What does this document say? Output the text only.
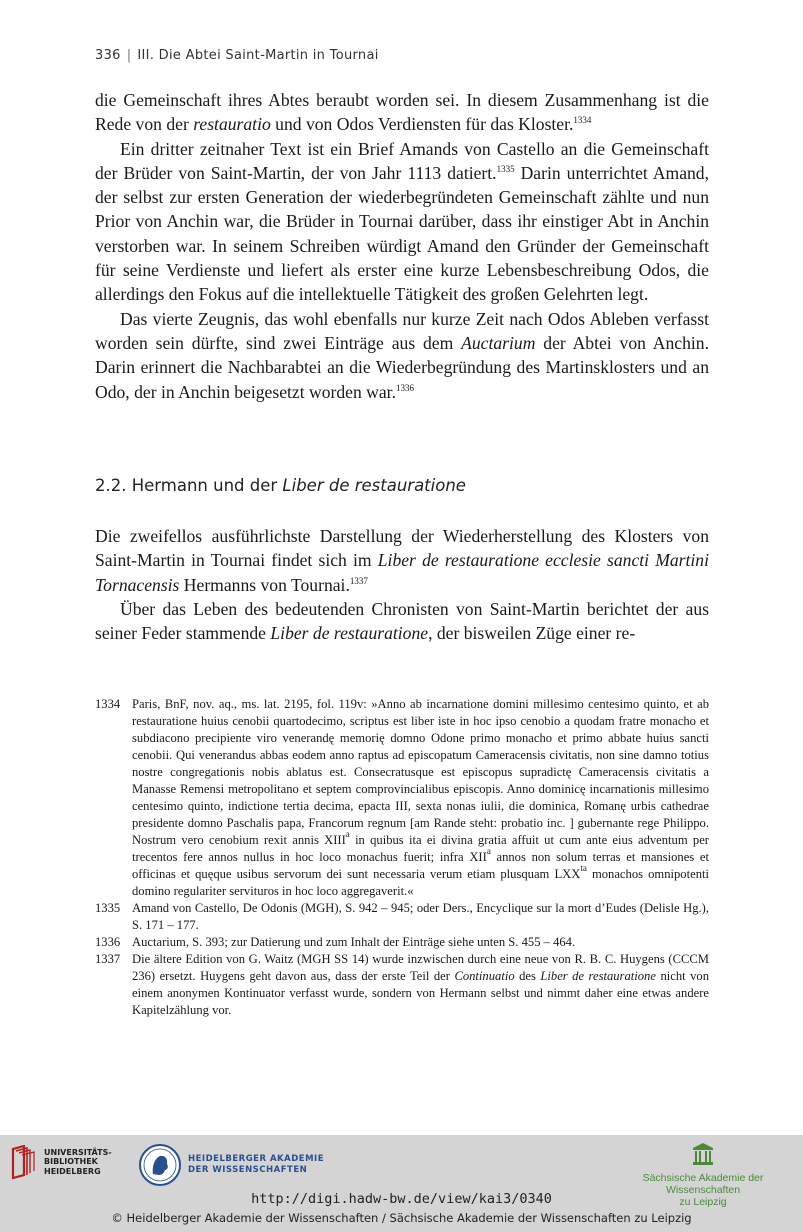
336 | III. Die Abtei Saint-Martin in Tournai

die Gemeinschaft ihres Abtes beraubt worden sei. In diesem Zusammenhang ist die Rede von der restauratio und von Odos Verdiensten für das Kloster.$^{1334}$

Ein dritter zeitnaher Text ist ein Brief Amands von Castello an die Gemeinschaft der Brüder von Saint-Martin, der von Jahr 1113 datiert.$^{1335}$ Darin unterrichtet Amand, der selbst zur ersten Generation der wiederbegründeten Gemeinschaft zählte und nun Prior von Anchin war, die Brüder in Tournai darüber, dass ihr einstiger Abt in Anchin verstorben war. In seinem Schreiben würdigt Amand den Gründer der Gemeinschaft für seine Verdienste und liefert als erster eine kurze Lebensbeschreibung Odos, die allerdings den Fokus auf die intellektuelle Tätigkeit des großen Gelehrten legt.

Das vierte Zeugnis, das wohl ebenfalls nur kurze Zeit nach Odos Ableben verfasst worden sein dürfte, sind zwei Einträge aus dem Auctarium der Abtei von Anchin. Darin erinnert die Nachbarabtei an die Wiederbegründung des Martinsklosters und an Odo, der in Anchin beigesetzt worden war.$^{1336}$

2.2. Hermann und der Liber de restauratione

Die zweifellos ausführlichste Darstellung der Wiederherstellung des Klosters von Saint-Martin in Tournai findet sich im Liber de restauratione ecclesie sancti Martini Tornacensis Hermanns von Tournai.$^{1337}$

Über das Leben des bedeutenden Chronisten von Saint-Martin berichtet der aus seiner Feder stammende Liber de restauratione, der bisweilen Züge einer re-

1334 Paris, BnF, nov. aq., ms. lat. 2195, fol. 119v: »Anno ab incarnatione domini millesimo centesimo quinto, et ab restauratione huius cenobii quartodecimo, scriptus est liber iste in hoc ipso cenobio a quodam fratre monacho et subdiacono precipiente viro venerandę memorię domno Odone primo monacho et primo abbate huius sancti cenobii. Qui venerandus abbas eodem anno raptus ad episcopatum Cameracensis civitatis, non sine damno totius nostre congregationis nobis ablatus est. Consecratusque est episcopus supradictę Cameracensis civitatis a Manasse Remensi metropolitano et septem comprovincialibus episcopis. Anno dominicę incarnationis millesimo centesimo quinto, indictione tertia decima, epacta III, sexta nonas iulii, die dominica, Romanę urbis cathedrae presidente domno Paschalis papa, Francorum regnum [am Rande steht: probatio inc. ] gubernante rege Philippo. Nostrum vero cenobium rexit annis XIII$^a$ in quibus ita ei divina gratia affuit ut cum ante eius adventum per trecentos fere annos nullus in hoc loco monachus fuerit; infra XII$^a$ annos non solum terras et mansiones et officinas et quęque usibus servorum dei sunt necessaria verum etiam plusquam $LXX^{ta}$ monachos omnipotenti domino regulariter servituros in hoc loco aggregaverit.«
1335 Amand von Castello, De Odonis (MGH), S. 942 – 945; oder Ders., Encyclique sur la mort d’Eudes (Delisle Hg.), S. 171 – 177.
1336 Auctarium, S. 393; zur Datierung und zum Inhalt der Einträge siehe unten S. 455 – 464.
1337 Die ältere Edition von G. Waitz (MGH SS 14) wurde inzwischen durch eine neue von R. B. C. Huygens (CCCM 236) ersetzt. Huygens geht davon aus, dass der erste Teil der Continuatio des Liber de restauratione nicht von einem anonymen Kontinuator verfasst wurde, sondern von Hermann selbst und nimmt daher eine etwas andere Kapitelzählung vor.
UNIVERSITÄTS-
BIBLIOTHEK
HEIDELBERG
HEIDELBERGER AKADEMIE
DER WISSENSCHAFTEN
Sächsische Akademie der Wissenschaften
zu Leipzig
http://digi.hadw-bw.de/view/kai3/0340
© Heidelberger Akademie der Wissenschaften / Sächsische Akademie der Wissenschaften zu Leipzig
